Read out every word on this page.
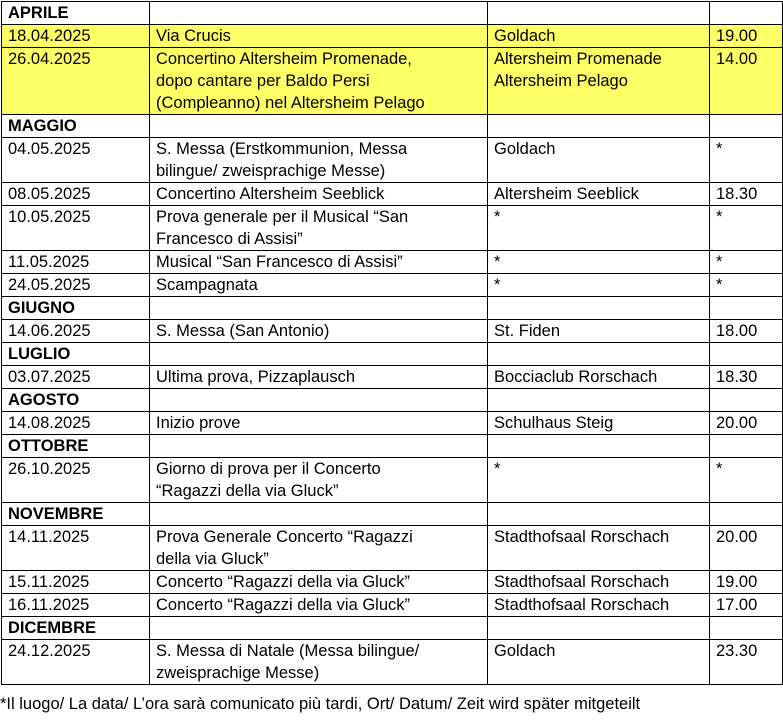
APRILE			
18.04.2025	Via Crucis	Goldach	19.00
26.04.2025	Concertino Altersheim Promenade,
dopo cantare per Baldo Persi
(Compleanno) nel Altersheim Pelago	Altersheim Promenade
Altersheim Pelago	14.00
MAGGIO			
04.05.2025	S. Messa (Erstkommunion, Messa
bilingue/ zweisprachige Messe)	Goldach	*
08.05.2025	Concertino Altersheim Seeblick	Altersheim Seeblick	18.30
10.05.2025	Prova generale per il Musical “San
Francesco di Assisi”	*	*
11.05.2025	Musical “San Francesco di Assisi”	*	*
24.05.2025	Scampagnata	*	*
GIUGNO			
14.06.2025	S. Messa (San Antonio)	St. Fiden	18.00
LUGLIO			
03.07.2025	Ultima prova, Pizzaplausch	Bocciaclub Rorschach	18.30
AGOSTO			
14.08.2025	Inizio prove	Schulhaus Steig	20.00
OTTOBRE			
26.10.2025	Giorno di prova per il Concerto
“Ragazzi della via Gluck”	*	*
NOVEMBRE			
14.11.2025	Prova Generale Concerto “Ragazzi
della via Gluck”	Stadthofsaal Rorschach	20.00
15.11.2025	Concerto “Ragazzi della via Gluck”	Stadthofsaal Rorschach	19.00
16.11.2025	Concerto “Ragazzi della via Gluck”	Stadthofsaal Rorschach	17.00
DICEMBRE			
24.12.2025	S. Messa di Natale (Messa bilingue/
zweisprachige Messe)	Goldach	23.30
*Il luogo/ La data/ L’ora sarà comunicato più tardi, Ort/ Datum/ Zeit wird später mitgeteilt
